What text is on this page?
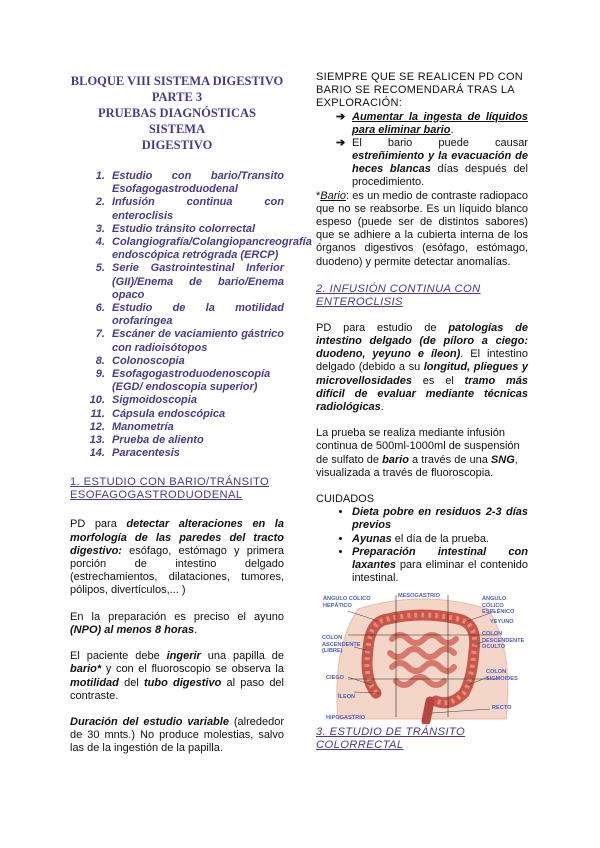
BLOQUE VIII SISTEMA DIGESTIVO
PARTE 3
PRUEBAS DIAGNÓSTICAS SISTEMA
DIGESTIVO
1. Estudio con bario/Transito Esofagogastroduodenal
2. Infusión continua con enteroclisis
3. Estudio tránsito colorrectal
4. Colangiografía/Colangiopancreografía endoscópica retrógrada (ERCP)
5. Serie Gastrointestinal Inferior (GII)/Enema de bario/Enema opaco
6. Estudio de la motilidad orofaríngea
7. Escáner de vaciamiento gástrico con radioisótopos
8. Colonoscopia
9. Esofagogastroduodenoscopía (EGD/ endoscopia superior)
10. Sigmoidoscopia
11. Cápsula endoscópica
12. Manometría
13. Prueba de aliento
14. Paracentesis
1. ESTUDIO CON BARIO/TRÁNSITO ESOFAGOGASTRODUODENAL

PD para detectar alteraciones en la morfología de las paredes del tracto digestivo: esófago, estómago y primera porción de intestino delgado (estrechamientos, dilataciones, tumores, pólipos, divertículos,... )

En la preparación es preciso el ayuno (NPO) al menos 8 horas.

El paciente debe ingerir una papilla de bario* y con el fluoroscopio se observa la motilidad del tubo digestivo al paso del contraste.

Duración del estudio variable (alrededor de 30 mnts.) No produce molestias, salvo las de la ingestión de la papilla.

SIEMPRE QUE SE REALICEN PD CON BARIO SE RECOMENDARÁ TRAS LA EXPLORACIÓN:

➔ Aumentar la ingesta de líquidos para eliminar bario.
➔ El bario puede causar estreñimiento y la evacuación de heces blancas días después del procedimiento.

*Bario: es un medio de contraste radiopaco que no se reabsorbe. Es un líquido blanco espeso (puede ser de distintos sabores) que se adhiere a la cubierta interna de los órganos digestivos (esófago, estómago, duodeno) y permite detectar anomalías.

2. INFUSIÓN CONTINUA CON ENTEROCLISIS

PD para estudio de patologías de intestino delgado (de píloro a ciego: duodeno, yeyuno e íleon). El intestino delgado (debido a su longitud, pliegues y microvellosidades es el tramo más difícil de evaluar mediante técnicas radiológicas.

La prueba se realiza mediante infusión continua de 500ml-1000ml de suspensión de sulfato de bario a través de una SNG, visualizada a través de fluoroscopia.

CUIDADOS

• Dieta pobre en residuos 2-3 días previos
• Ayunas el día de la prueba.
• Preparación intestinal con laxantes para eliminar el contenido intestinal.
ÁNGULO CÓLICO HEPÁTICO
MESOGASTRIO	ÁNGULO CÓLICO ESPLÉNICO
YEYUNO
COLON ASCENDENTE (LIBRE)
COLON DESCENDENTE OCULTO
CIEGO
COLON SIGMOIDES
ÍLEON
RECTO
HIPOGASTRIO
3. ESTUDIO DE TRÁNSITO COLORRECTAL
